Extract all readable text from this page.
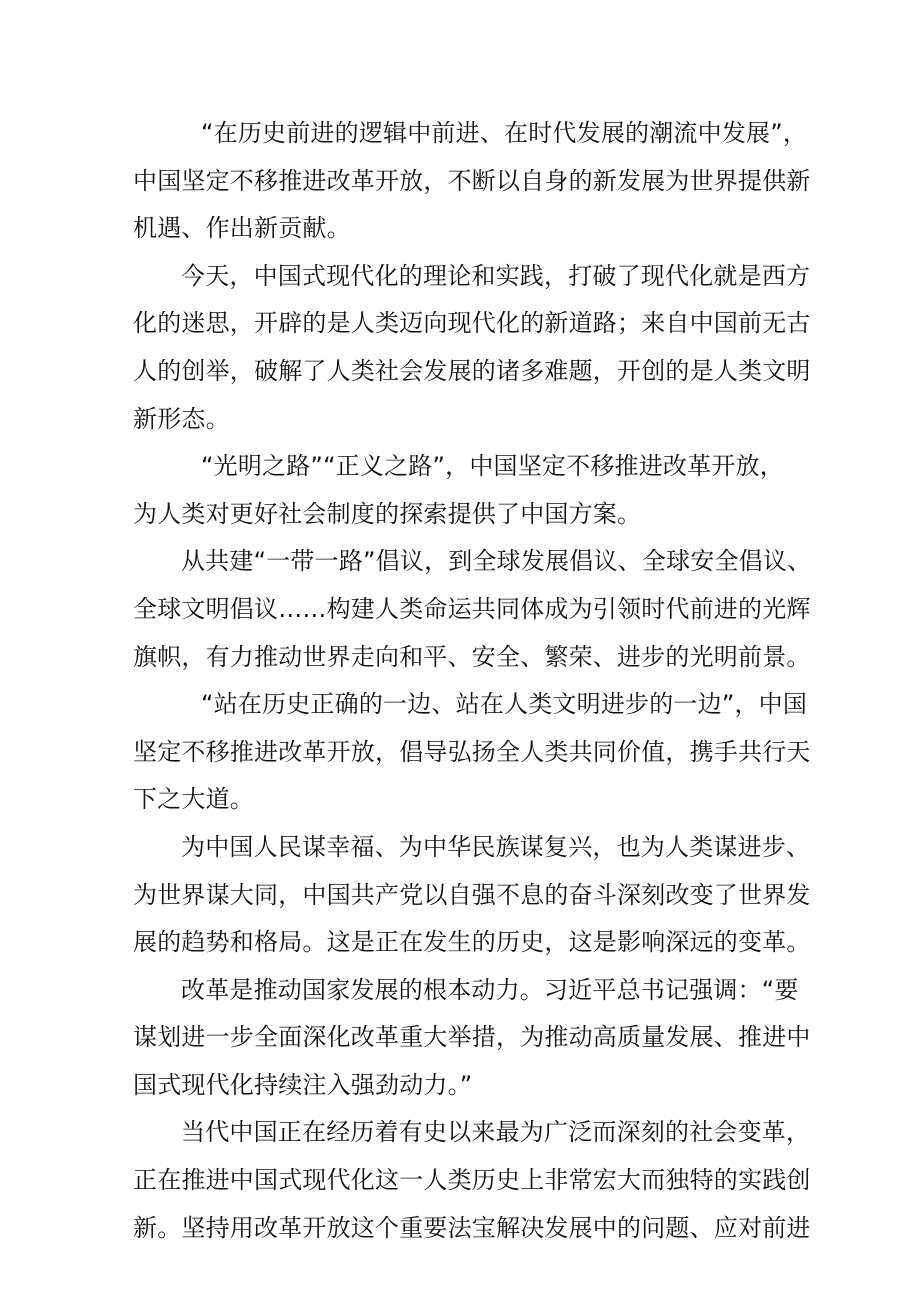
“在历史前进的逻辑中前进、在时代发展的潮流中发展”，
中国坚定不移推进改革开放，不断以自身的新发展为世界提供新
机遇、作出新贡献。

今天，中国式现代化的理论和实践，打破了现代化就是西方
化的迷思，开辟的是人类迈向现代化的新道路；来自中国前无古
人的创举，破解了人类社会发展的诸多难题，开创的是人类文明
新形态。

“光明之路”“正义之路”，中国坚定不移推进改革开放，
为人类对更好社会制度的探索提供了中国方案。

从共建“一带一路”倡议，到全球发展倡议、全球安全倡议、
全球文明倡议……构建人类命运共同体成为引领时代前进的光辉
旗帜，有力推动世界走向和平、安全、繁荣、进步的光明前景。

“站在历史正确的一边、站在人类文明进步的一边”，中国
坚定不移推进改革开放，倡导弘扬全人类共同价值，携手共行天
下之大道。

为中国人民谋幸福、为中华民族谋复兴，也为人类谋进步、
为世界谋大同，中国共产党以自强不息的奋斗深刻改变了世界发
展的趋势和格局。这是正在发生的历史，这是影响深远的变革。

改革是推动国家发展的根本动力。习近平总书记强调：“要
谋划进一步全面深化改革重大举措，为推动高质量发展、推进中
国式现代化持续注入强劲动力。”

当代中国正在经历着有史以来最为广泛而深刻的社会变革，
正在推进中国式现代化这一人类历史上非常宏大而独特的实践创
新。坚持用改革开放这个重要法宝解决发展中的问题、应对前进
